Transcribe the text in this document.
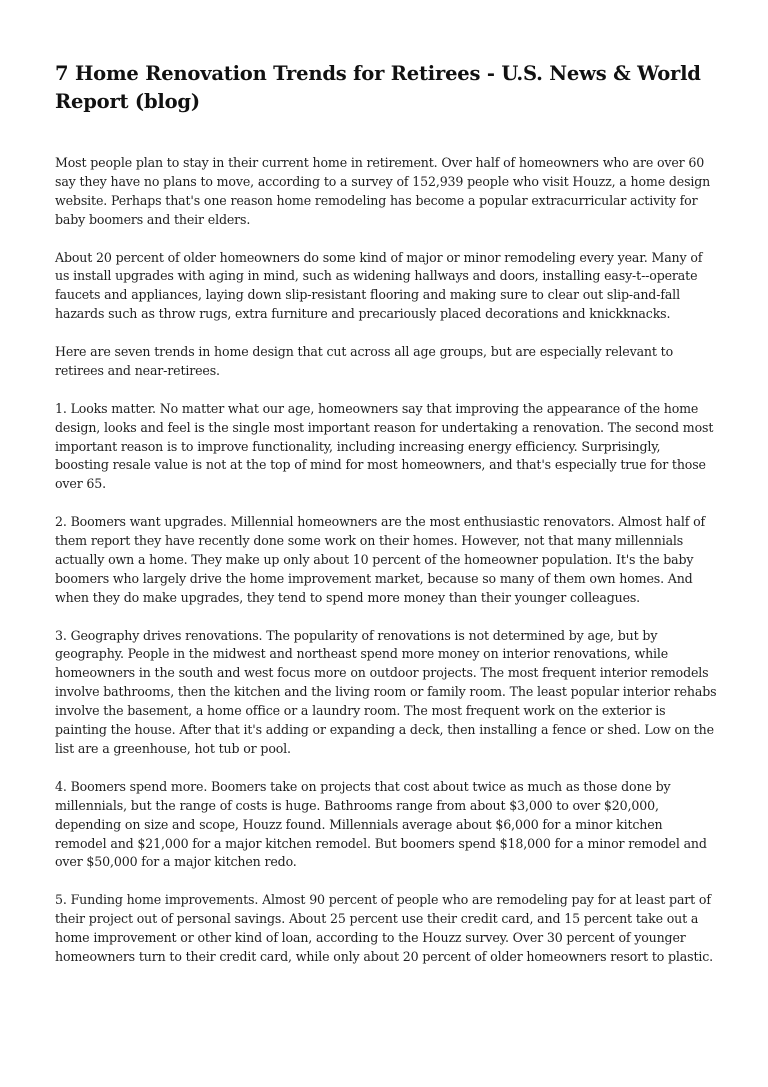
7 Home Renovation Trends for Retirees - U.S. News & World Report (blog)

Most people plan to stay in their current home in retirement. Over half of homeowners who are over 60 say they have no plans to move, according to a survey of 152,939 people who visit Houzz, a home design website. Perhaps that's one reason home remodeling has become a popular extracurricular activity for baby boomers and their elders.

About 20 percent of older homeowners do some kind of major or minor remodeling every year. Many of us install upgrades with aging in mind, such as widening hallways and doors, installing easy-t--operate faucets and appliances, laying down slip-resistant flooring and making sure to clear out slip-and-fall hazards such as throw rugs, extra furniture and precariously placed decorations and knickknacks.

Here are seven trends in home design that cut across all age groups, but are especially relevant to retirees and near-retirees.

1. Looks matter. No matter what our age, homeowners say that improving the appearance of the home design, looks and feel is the single most important reason for undertaking a renovation. The second most important reason is to improve functionality, including increasing energy efficiency. Surprisingly, boosting resale value is not at the top of mind for most homeowners, and that's especially true for those over 65.

2. Boomers want upgrades. Millennial homeowners are the most enthusiastic renovators. Almost half of them report they have recently done some work on their homes. However, not that many millennials actually own a home. They make up only about 10 percent of the homeowner population. It's the baby boomers who largely drive the home improvement market, because so many of them own homes. And when they do make upgrades, they tend to spend more money than their younger colleagues.

3. Geography drives renovations. The popularity of renovations is not determined by age, but by geography. People in the midwest and northeast spend more money on interior renovations, while homeowners in the south and west focus more on outdoor projects. The most frequent interior remodels involve bathrooms, then the kitchen and the living room or family room. The least popular interior rehabs involve the basement, a home office or a laundry room. The most frequent work on the exterior is painting the house. After that it's adding or expanding a deck, then installing a fence or shed. Low on the list are a greenhouse, hot tub or pool.

4. Boomers spend more. Boomers take on projects that cost about twice as much as those done by millennials, but the range of costs is huge. Bathrooms range from about $3,000 to over $20,000, depending on size and scope, Houzz found. Millennials average about $6,000 for a minor kitchen remodel and $21,000 for a major kitchen remodel. But boomers spend $18,000 for a minor remodel and over $50,000 for a major kitchen redo.

5. Funding home improvements. Almost 90 percent of people who are remodeling pay for at least part of their project out of personal savings. About 25 percent use their credit card, and 15 percent take out a home improvement or other kind of loan, according to the Houzz survey. Over 30 percent of younger homeowners turn to their credit card, while only about 20 percent of older homeowners resort to plastic.
